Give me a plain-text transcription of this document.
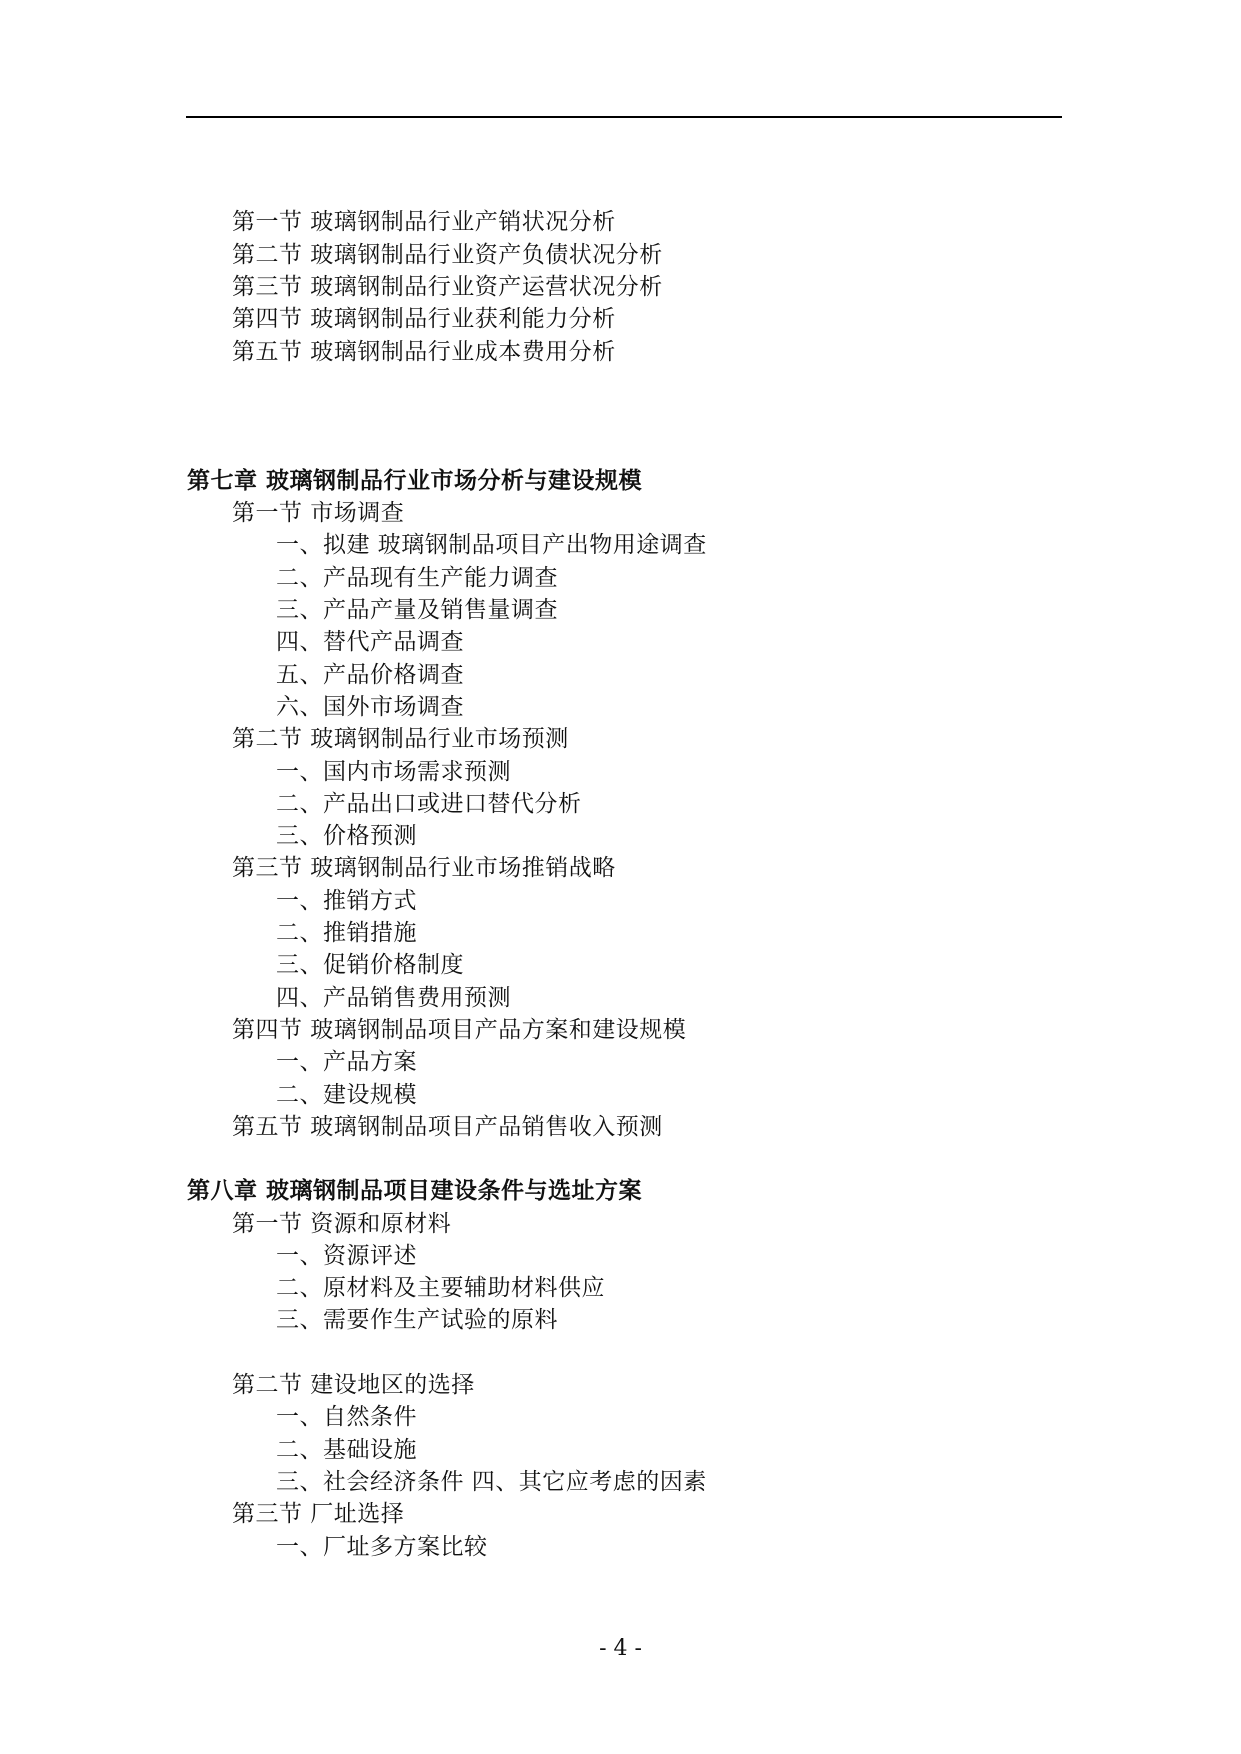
第一节 玻璃钢制品行业产销状况分析
第二节 玻璃钢制品行业资产负债状况分析
第三节 玻璃钢制品行业资产运营状况分析
第四节 玻璃钢制品行业获利能力分析
第五节 玻璃钢制品行业成本费用分析
第七章 玻璃钢制品行业市场分析与建设规模
第一节 市场调查
一、拟建 玻璃钢制品项目产出物用途调查
二、产品现有生产能力调查
三、产品产量及销售量调查
四、替代产品调查
五、产品价格调查
六、国外市场调查
第二节 玻璃钢制品行业市场预测
一、国内市场需求预测
二、产品出口或进口替代分析
三、价格预测
第三节 玻璃钢制品行业市场推销战略
一、推销方式
二、推销措施
三、促销价格制度
四、产品销售费用预测
第四节 玻璃钢制品项目产品方案和建设规模
一、产品方案
二、建设规模
第五节 玻璃钢制品项目产品销售收入预测
第八章 玻璃钢制品项目建设条件与选址方案
第一节 资源和原材料
一、资源评述
二、原材料及主要辅助材料供应
三、需要作生产试验的原料
第二节 建设地区的选择
一、自然条件
二、基础设施
三、社会经济条件 四、其它应考虑的因素
第三节 厂址选择
一、厂址多方案比较
- 4 -
